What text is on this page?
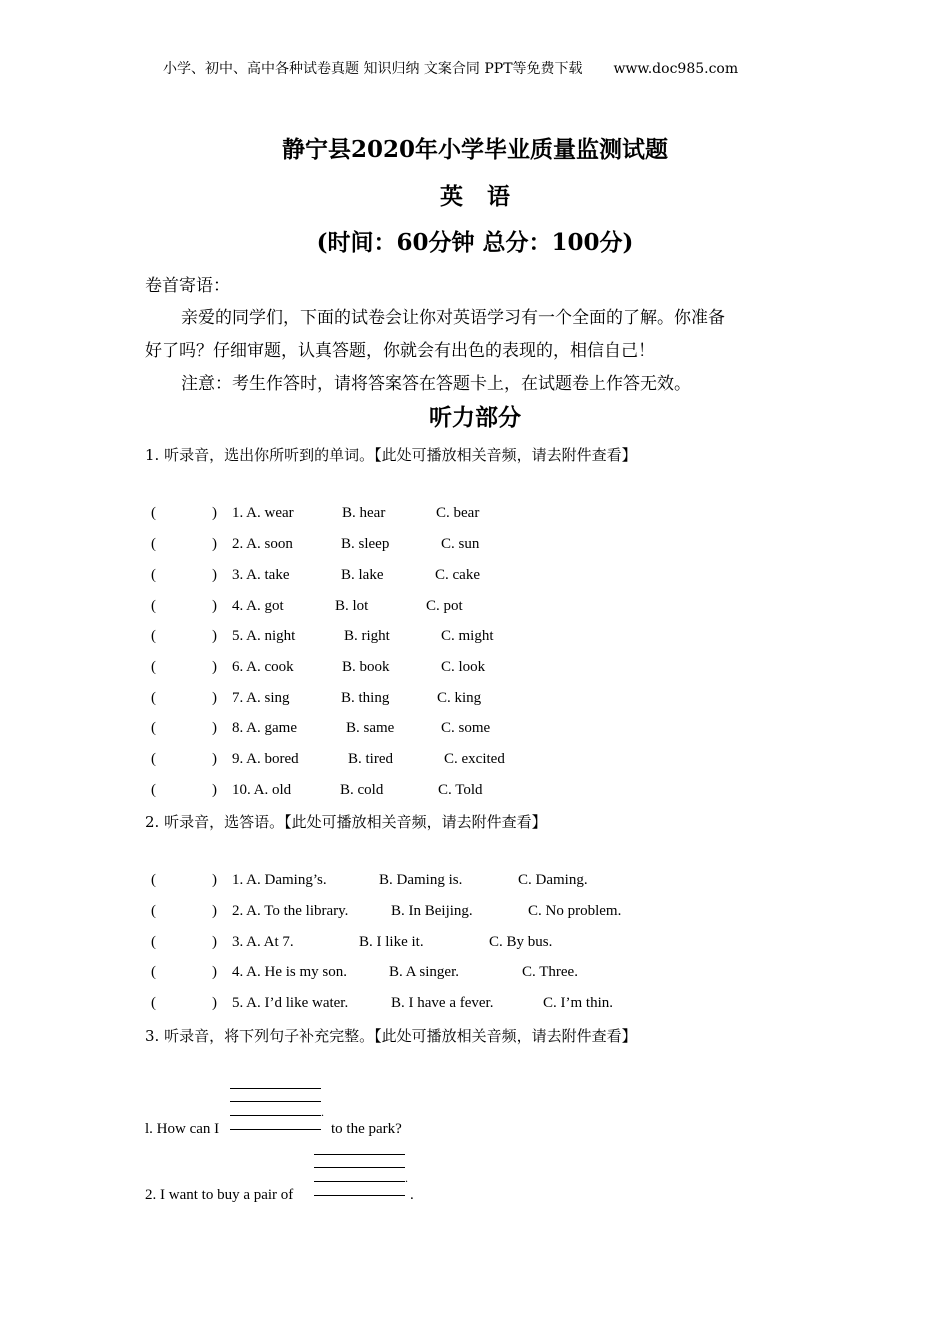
小学、初中、高中各种试卷真题 知识归纳 文案合同 PPT等免费下载 www.doc985.com
静宁县2020年小学毕业质量监测试题
英语
(时间：60分钟 总分：100分)
卷首寄语：
亲爱的同学们，下面的试卷会让你对英语学习有一个全面的了解。你准备
好了吗？仔细审题，认真答题，你就会有出色的表现的，相信自己！
注意：考生作答时，请将答案答在答题卡上，在试题卷上作答无效。
听力部分
1. 听录音，选出你所听到的单词。【此处可播放相关音频，请去附件查看】
(	) 1. A. wear	B. hear	C. bear
(	) 2. A. soon	B. sleep	C. sun
(	) 3. A. take	B. lake	C. cake
(	) 4. A. got	B. lot	C. pot
(	) 5. A. night	B. right	C. might
(	) 6. A. cook	B. book	C. look
(	) 7. A. sing	B. thing	C. king
(	) 8. A. game	B. same	C. some
(	) 9. A. bored	B. tired	C. excited
(	) 10. A. old	B. cold	C. Told
2. 听录音，选答语。【此处可播放相关音频，请去附件查看】
(	) 1. A. Daming’s.	B. Daming is.	C. Daming.
(	) 2. A. To the library.	B. In Beijing.	C. No problem.
(	) 3. A. At 7.	B. I like it.	C. By bus.
(	) 4. A. He is my son.	B. A singer.	C. Three.
(	) 5. A. I’d like water.	B. I have a fever.	C. I’m thin.
3. 听录音，将下列句子补充完整。【此处可播放相关音频，请去附件查看】
.
l. How can I	to the park?
.
2. I want to buy a pair of	.
